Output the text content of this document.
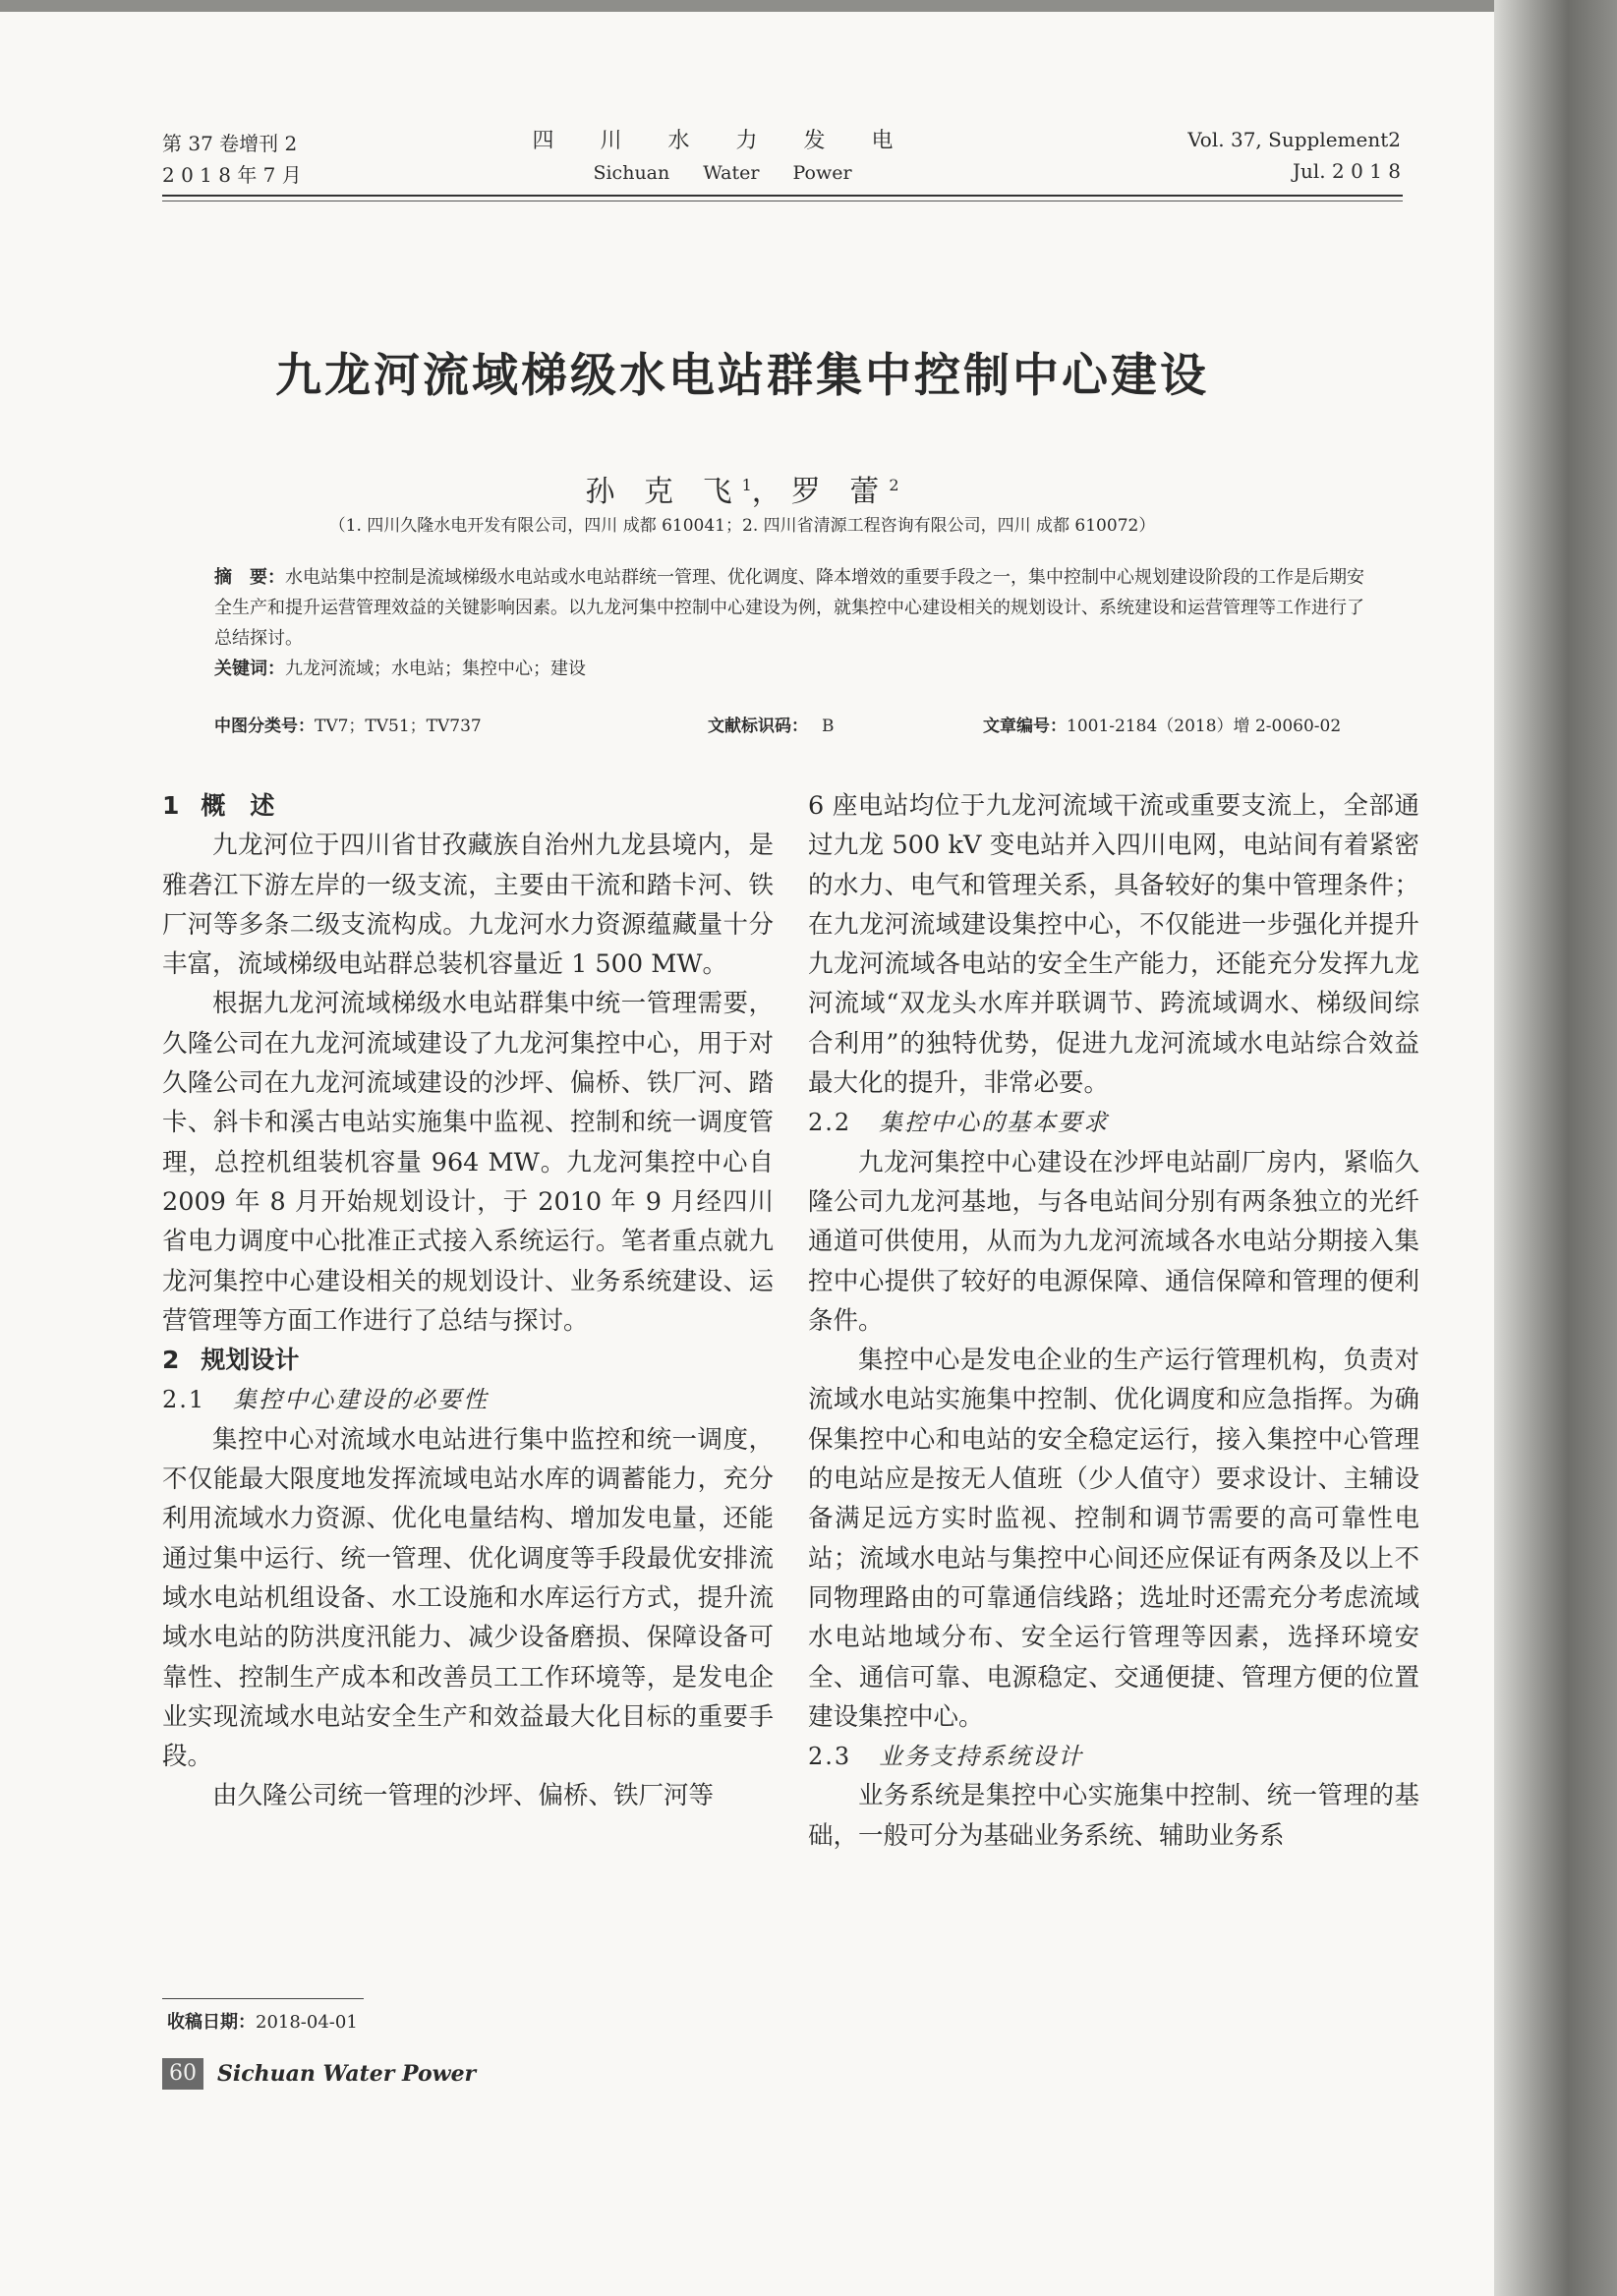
第 37 卷增刊 2
2 0 1 8 年 7 月
四 川 水 力 发 电
Sichuan Water Power
Vol. 37, Supplement2
Jul. 2 0 1 8
九龙河流域梯级水电站群集中控制中心建设
孙 克 飞$^1$，罗 蕾$^2$
（1. 四川久隆水电开发有限公司，四川 成都 610041；2. 四川省清源工程咨询有限公司，四川 成都 610072）
摘　要：水电站集中控制是流域梯级水电站或水电站群统一管理、优化调度、降本增效的重要手段之一，集中控制中心规划建设阶段的工作是后期安全生产和提升运营管理效益的关键影响因素。以九龙河集中控制中心建设为例，就集控中心建设相关的规划设计、系统建设和运营管理等工作进行了总结探讨。
关键词：九龙河流域；水电站；集控中心；建设
中图分类号：TV7；TV51；TV737	文献标识码： B	文章编号：1001-2184（2018）增 2-0060-02
1 概　述

九龙河位于四川省甘孜藏族自治州九龙县境内，是雅砻江下游左岸的一级支流，主要由干流和踏卡河、铁厂河等多条二级支流构成。九龙河水力资源蕴藏量十分丰富，流域梯级电站群总装机容量近 1 500 MW。

根据九龙河流域梯级水电站群集中统一管理需要，久隆公司在九龙河流域建设了九龙河集控中心，用于对久隆公司在九龙河流域建设的沙坪、偏桥、铁厂河、踏卡、斜卡和溪古电站实施集中监视、控制和统一调度管理，总控机组装机容量 964 MW。九龙河集控中心自 2009 年 8 月开始规划设计，于 2010 年 9 月经四川省电力调度中心批准正式接入系统运行。笔者重点就九龙河集控中心建设相关的规划设计、业务系统建设、运营管理等方面工作进行了总结与探讨。

2 规划设计
2.1 集控中心建设的必要性

集控中心对流域水电站进行集中监控和统一调度，不仅能最大限度地发挥流域电站水库的调蓄能力，充分利用流域水力资源、优化电量结构、增加发电量，还能通过集中运行、统一管理、优化调度等手段最优安排流域水电站机组设备、水工设施和水库运行方式，提升流域水电站的防洪度汛能力、减少设备磨损、保障设备可靠性、控制生产成本和改善员工工作环境等，是发电企业实现流域水电站安全生产和效益最大化目标的重要手段。

由久隆公司统一管理的沙坪、偏桥、铁厂河等

6 座电站均位于九龙河流域干流或重要支流上，全部通过九龙 500 kV 变电站并入四川电网，电站间有着紧密的水力、电气和管理关系，具备较好的集中管理条件；在九龙河流域建设集控中心，不仅能进一步强化并提升九龙河流域各电站的安全生产能力，还能充分发挥九龙河流域“双龙头水库并联调节、跨流域调水、梯级间综合利用”的独特优势，促进九龙河流域水电站综合效益最大化的提升，非常必要。

2.2 集控中心的基本要求

九龙河集控中心建设在沙坪电站副厂房内，紧临久隆公司九龙河基地，与各电站间分别有两条独立的光纤通道可供使用，从而为九龙河流域各水电站分期接入集控中心提供了较好的电源保障、通信保障和管理的便利条件。

集控中心是发电企业的生产运行管理机构，负责对流域水电站实施集中控制、优化调度和应急指挥。为确保集控中心和电站的安全稳定运行，接入集控中心管理的电站应是按无人值班（少人值守）要求设计、主辅设备满足远方实时监视、控制和调节需要的高可靠性电站；流域水电站与集控中心间还应保证有两条及以上不同物理路由的可靠通信线路；选址时还需充分考虑流域水电站地域分布、安全运行管理等因素，选择环境安全、通信可靠、电源稳定、交通便捷、管理方便的位置建设集控中心。

2.3 业务支持系统设计

业务系统是集控中心实施集中控制、统一管理的基础，一般可分为基础业务系统、辅助业务系

收稿日期：2018-04-01
60 Sichuan Water Power
